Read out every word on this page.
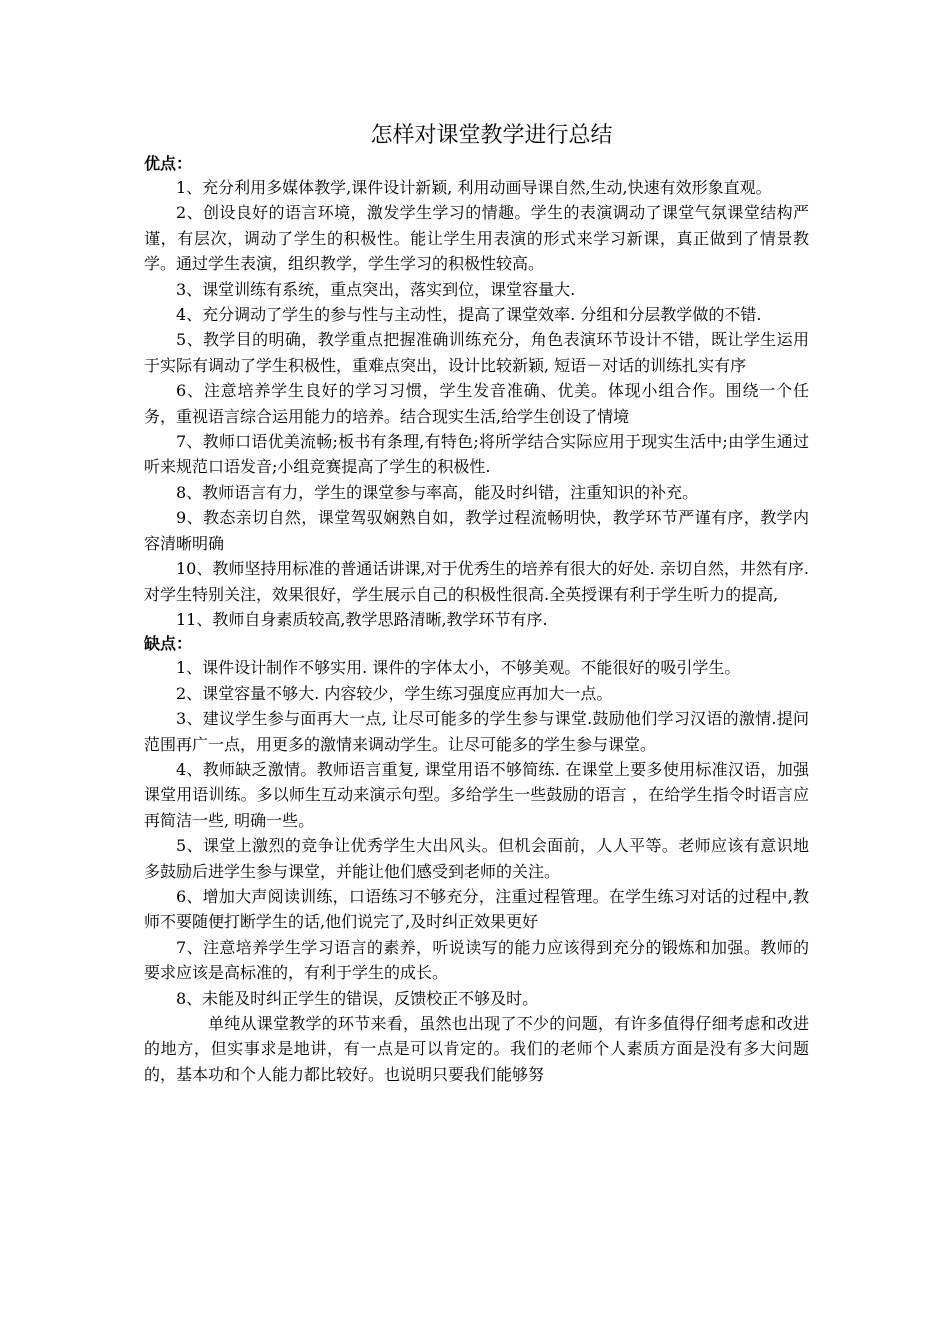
怎样对课堂教学进行总结

优点：

1、充分利用多媒体教学,课件设计新颖, 利用动画导课自然,生动,快速有效形象直观。

2、创设良好的语言环境，激发学生学习的情趣。学生的表演调动了课堂气氛课堂结构严谨，有层次，调动了学生的积极性。能让学生用表演的形式来学习新课，真正做到了情景教学。通过学生表演，组织教学，学生学习的积极性较高。

3、课堂训练有系统，重点突出，落实到位，课堂容量大.

4、充分调动了学生的参与性与主动性，提高了课堂效率. 分组和分层教学做的不错.

5、教学目的明确，教学重点把握准确训练充分，角色表演环节设计不错，既让学生运用于实际有调动了学生积极性，重难点突出，设计比较新颖, 短语－对话的训练扎实有序

6、注意培养学生良好的学习习惯，学生发音准确、优美。体现小组合作。围绕一个任务，重视语言综合运用能力的培养。结合现实生活,给学生创设了情境

7、教师口语优美流畅;板书有条理,有特色;将所学结合实际应用于现实生活中;由学生通过听来规范口语发音;小组竞赛提高了学生的积极性.

8、教师语言有力，学生的课堂参与率高，能及时纠错，注重知识的补充。

9、教态亲切自然，课堂驾驭娴熟自如，教学过程流畅明快，教学环节严谨有序，教学内容清晰明确

10、教师坚持用标准的普通话讲课,对于优秀生的培养有很大的好处. 亲切自然，井然有序. 对学生特别关注，效果很好，学生展示自己的积极性很高.全英授课有利于学生听力的提高,

11、教师自身素质较高,教学思路清晰,教学环节有序.

缺点：

1、课件设计制作不够实用. 课件的字体太小，不够美观。不能很好的吸引学生。

2、课堂容量不够大. 内容较少，学生练习强度应再加大一点。

3、建议学生参与面再大一点, 让尽可能多的学生参与课堂.鼓励他们学习汉语的激情.提问范围再广一点，用更多的激情来调动学生。让尽可能多的学生参与课堂。

4、教师缺乏激情。教师语言重复, 课堂用语不够简练. 在课堂上要多使用标准汉语，加强课堂用语训练。多以师生互动来演示句型。多给学生一些鼓励的语言 ，在给学生指令时语言应再简洁一些, 明确一些。

5、课堂上激烈的竞争让优秀学生大出风头。但机会面前，人人平等。老师应该有意识地多鼓励后进学生参与课堂，并能让他们感受到老师的关注。

6、增加大声阅读训练，口语练习不够充分，注重过程管理。在学生练习对话的过程中,教师不要随便打断学生的话,他们说完了,及时纠正效果更好

7、注意培养学生学习语言的素养，听说读写的能力应该得到充分的锻炼和加强。教师的要求应该是高标准的，有利于学生的成长。

8、未能及时纠正学生的错误，反馈校正不够及时。

单纯从课堂教学的环节来看，虽然也出现了不少的问题，有许多值得仔细考虑和改进的地方，但实事求是地讲，有一点是可以肯定的。我们的老师个人素质方面是没有多大问题的，基本功和个人能力都比较好。也说明只要我们能够努
